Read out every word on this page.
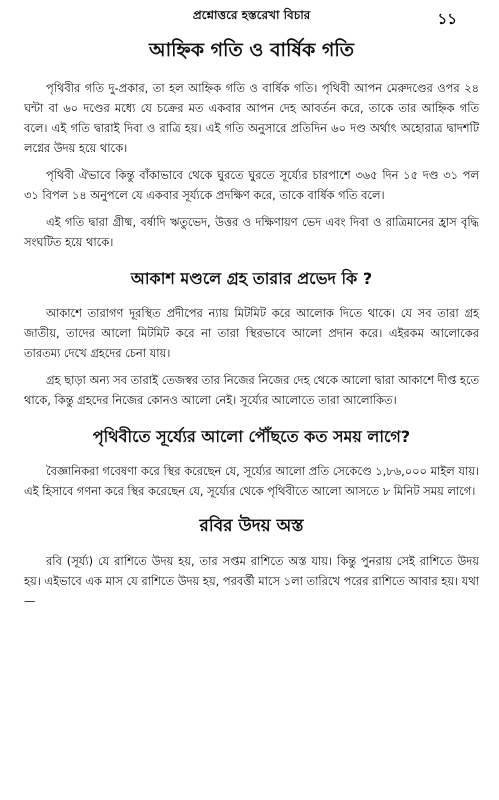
প্রশ্নোত্তরে হস্তরেখা বিচার	১১
আহ্নিক গতি ও বার্ষিক গতি

পৃথিবীর গতি দু-প্রকার, তা হল আহ্নিক গতি ও বার্ষিক গতি। পৃথিবী আপন মেরুদণ্ডের ওপর ২৪ ঘন্টা বা ৬০ দণ্ডের মধ্যে যে চক্রের মত একবার আপন দেহ আবর্তন করে, তাকে তার আহ্নিক গতি বলে। এই গতি দ্বারাই দিবা ও রাত্রি হয়। এই গতি অনুসারে প্রতিদিন ৬০ দণ্ড অর্থাৎ অহোরাত্র দ্বাদশটি লগ্নের উদয় হয়ে থাকে।

পৃথিবী ঐভাবে কিন্তু বাঁকাভাবে থেকে ঘুরতে ঘুরতে সূর্য্যের চারপাশে ৩৬৫ দিন ১৫ দণ্ড ৩১ পল ৩১ বিপল ১৪ অনুপলে যে একবার সূর্য্যকে প্রদক্ষিণ করে, তাকে বার্ষিক গতি বলে।

এই গতি দ্বারা গ্রীষ্ম, বর্ষাদি ঋতুভেদ, উত্তর ও দক্ষিণায়ণ ভেদ এবং দিবা ও রাত্রিমানের হ্রাস বৃদ্ধি সংঘটিত হয়ে থাকে।

আকাশ মণ্ডলে গ্রহ তারার প্রভেদ কি ?

আকাশে তারাগণ দূরস্থিত প্রদীপের ন্যায় মিটমিট করে আলোক দিতে থাকে। যে সব তারা গ্রহ জাতীয়, তাদের আলো মিটমিট করে না তারা স্থিরভাবে আলো প্রদান করে। এইরকম আলোকের তারতম্য দেখে গ্রহদের চেনা যায়।

গ্রহ ছাড়া অন্য সব তারাই তেজস্বর তার নিজের নিজের দেহ থেকে আলো দ্বারা আকাশে দীপ্ত হতে থাকে, কিন্তু গ্রহদের নিজের কোনও আলো নেই। সূর্য্যের আলোতে তারা আলোকিত।

পৃথিবীতে সূর্য্যের আলো পৌঁছতে কত সময় লাগে?

বৈজ্ঞানিকরা গবেষণা করে স্থির করেছেন যে, সূর্য্যের আলো প্রতি সেকেণ্ডে ১,৮৬,০০০ মাইল যায়। এই হিসাবে গণনা করে স্থির করেছেন যে, সূর্য্যের থেকে পৃথিবীতে আলো আসতে ৮ মিনিট সময় লাগে।

রবির উদয় অস্ত

রবি (সূর্য্য) যে রাশিতে উদয় হয়, তার সপ্তম রাশিতে অস্ত যায়। কিন্তু পুনরায় সেই রাশিতে উদয় হয়। এইভাবে এক মাস যে রাশিতে উদয় হয়, পরবর্ত্তী মাসে ১লা তারিখে পরের রাশিতে আবার হয়। যথা—
